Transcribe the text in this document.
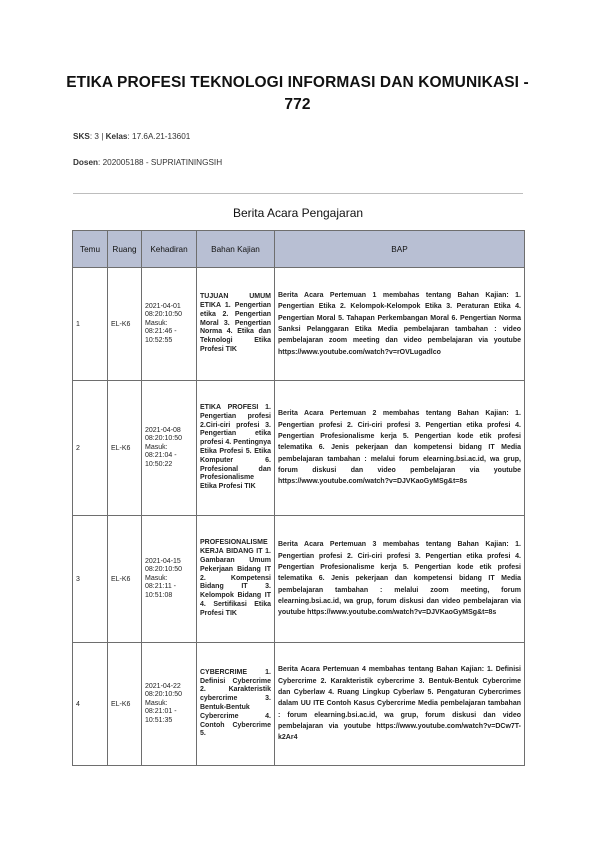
ETIKA PROFESI TEKNOLOGI INFORMASI DAN KOMUNIKASI - 772
SKS: 3 | Kelas: 17.6A.21-13601
Dosen: 202005188 - SUPRIATININGSIH
Berita Acara Pengajaran
Temu	Ruang	Kehadiran	Bahan Kajian	BAP
1	EL-K6	2021-04-01 08:20:10:50 Masuk: 08:21:46 - 10:52:55	TUJUAN UMUM ETIKA 1. Pengertian etika 2. Pengertian Moral 3. Pengertian Norma 4. Etika dan Teknologi Etika Profesi TIK	Berita Acara Pertemuan 1 membahas tentang Bahan Kajian: 1. Pengertian Etika 2. Kelompok-Kelompok Etika 3. Peraturan Etika 4. Pengertian Moral 5. Tahapan Perkembangan Moral 6. Pengertian Norma Sanksi Pelanggaran Etika Media pembelajaran tambahan : video pembelajaran zoom meeting dan video pembelajaran via youtube https://www.youtube.com/watch?v=rOVLugadlco
2	EL-K6	2021-04-08 08:20:10:50 Masuk: 08:21:04 - 10:50:22	ETIKA PROFESI 1. Pengertian profesi 2.Ciri-ciri profesi 3. Pengertian etika profesi 4. Pentingnya Etika Profesi 5. Etika Komputer 6. Profesional dan Profesionalisme Etika Profesi TIK	Berita Acara Pertemuan 2 membahas tentang Bahan Kajian: 1. Pengertian profesi 2. Ciri-ciri profesi 3. Pengertian etika profesi 4. Pengertian Profesionalisme kerja 5. Pengertian kode etik profesi telematika 6. Jenis pekerjaan dan kompetensi bidang IT Media pembelajaran tambahan : melalui forum elearning.bsi.ac.id, wa grup, forum diskusi dan video pembelajaran via youtube https://www.youtube.com/watch?v=DJVKaoGyMSg&t=8s
3	EL-K6	2021-04-15 08:20:10:50 Masuk: 08:21:11 - 10:51:08	PROFESIONALISME KERJA BIDANG IT 1. Gambaran Umum Pekerjaan Bidang IT 2. Kompetensi Bidang IT 3. Kelompok Bidang IT 4. Sertifikasi Etika Profesi TIK	Berita Acara Pertemuan 3 membahas tentang Bahan Kajian: 1. Pengertian profesi 2. Ciri-ciri profesi 3. Pengertian etika profesi 4. Pengertian Profesionalisme kerja 5. Pengertian kode etik profesi telematika 6. Jenis pekerjaan dan kompetensi bidang IT Media pembelajaran tambahan : melalui zoom meeting, forum elearning.bsi.ac.id, wa grup, forum diskusi dan video pembelajaran via youtube https://www.youtube.com/watch?v=DJVKaoGyMSg&t=8s
4	EL-K6	2021-04-22 08:20:10:50 Masuk: 08:21:01 - 10:51:35	CYBERCRIME 1. Definisi Cybercrime 2. Karakteristik cybercrime 3. Bentuk-Bentuk Cybercrime 4. Contoh Cybercrime 5.	Berita Acara Pertemuan 4 membahas tentang Bahan Kajian: 1. Definisi Cybercrime 2. Karakteristik cybercrime 3. Bentuk-Bentuk Cybercrime dan Cyberlaw 4. Ruang Lingkup Cyberlaw 5. Pengaturan Cybercrimes dalam UU ITE Contoh Kasus Cybercrime Media pembelajaran tambahan : forum elearning.bsi.ac.id, wa grup, forum diskusi dan video pembelajaran via youtube https://www.youtube.com/watch?v=DCw7T-k2Ar4
